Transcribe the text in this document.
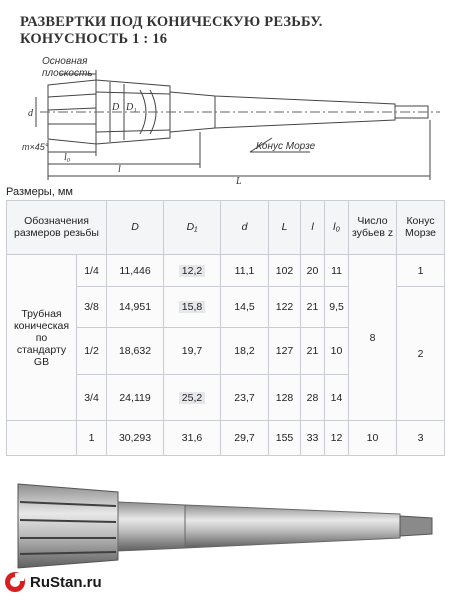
РАЗВЕРТКИ ПОД КОНИЧЕСКУЮ РЕЗЬБУ.
КОНУСНОСТЬ 1 : 16
Основная
плоскость
m×45°
d
D D₁
l₀
l
L
Конус Морзе
Размеры, мм
Обозначения размеров резьбы		D	D₁	d	L	l	l₀	Число зубьев z	Конус Морзе
Трубная коническая по стандарту GB	1/4	11,446	12,2	11,1	102	20	11	8	1
	3/8	14,951	15,8	14,5	122	21	9,5		2
	1/2	18,632	19,7	18,2	127	21	10		
	3/4	24,119	25,2	23,7	128	28	14		
	1	30,293	31,6	29,7	155	33	12	10	3
RuStan.ru
